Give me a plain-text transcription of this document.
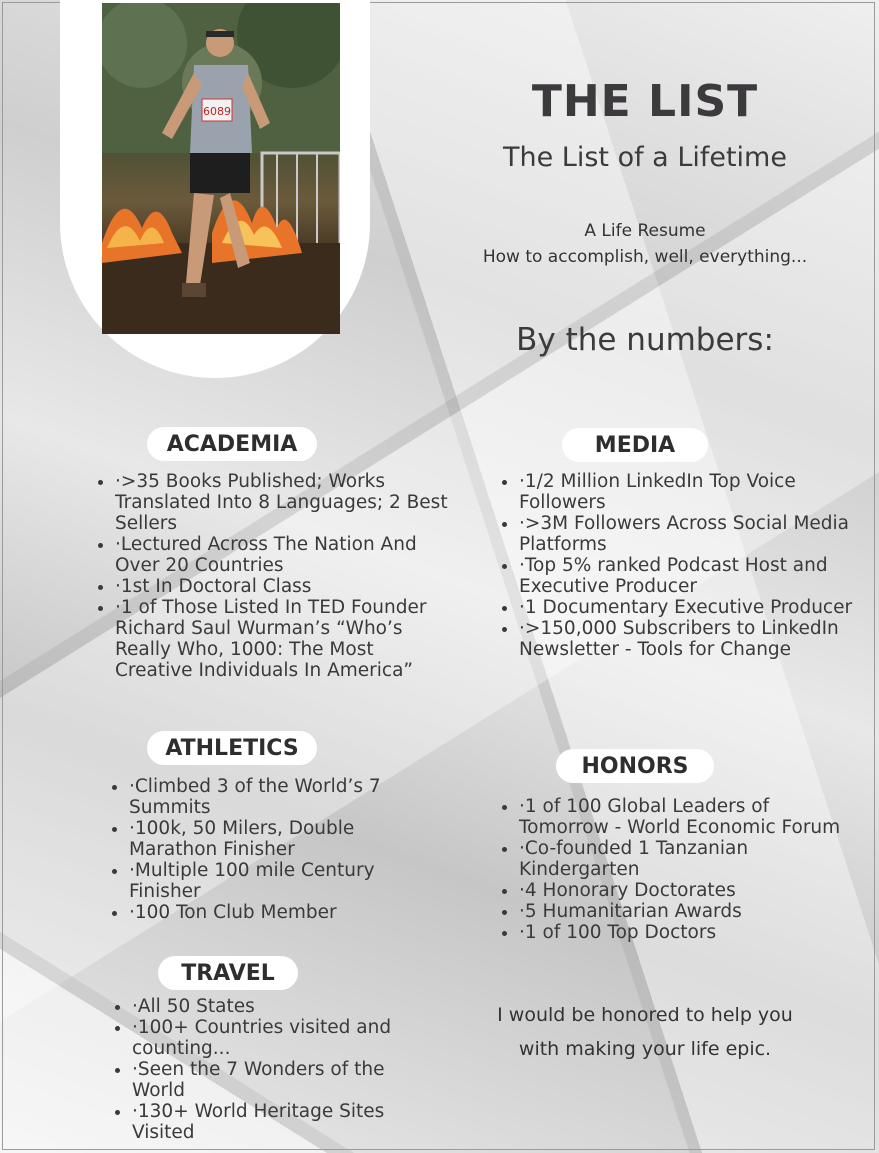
6089	THE LIST
The List of a Lifetime
A Life Resume
How to accomplish, well, everything...
By the numbers:
ACADEMIA
• ·>35 Books Published; Works Translated Into 8 Languages; 2 Best Sellers
• ·Lectured Across The Nation And Over 20 Countries
• ·1st In Doctoral Class
• ·1 of Those Listed In TED Founder Richard Saul Wurman’s “Who’s Really Who, 1000: The Most Creative Individuals In America”
MEDIA
• ·1/2 Million LinkedIn Top Voice Followers
• ·>3M Followers Across Social Media Platforms
• ·Top 5% ranked Podcast Host and Executive Producer
• ·1 Documentary Executive Producer
• ·>150,000 Subscribers to LinkedIn Newsletter - Tools for Change
ATHLETICS
• ·Climbed 3 of the World’s 7 Summits
• ·100k, 50 Milers, Double Marathon Finisher
• ·Multiple 100 mile Century Finisher
• ·100 Ton Club Member
HONORS
• ·1 of 100 Global Leaders of Tomorrow - World Economic Forum
• ·Co-founded 1 Tanzanian Kindergarten
• ·4 Honorary Doctorates
• ·5 Humanitarian Awards
• ·1 of 100 Top Doctors
TRAVEL
• ·All 50 States
• ·100+ Countries visited and counting...
• ·Seen the 7 Wonders of the World
• ·130+ World Heritage Sites Visited
I would be honored to help you
with making your life epic.
